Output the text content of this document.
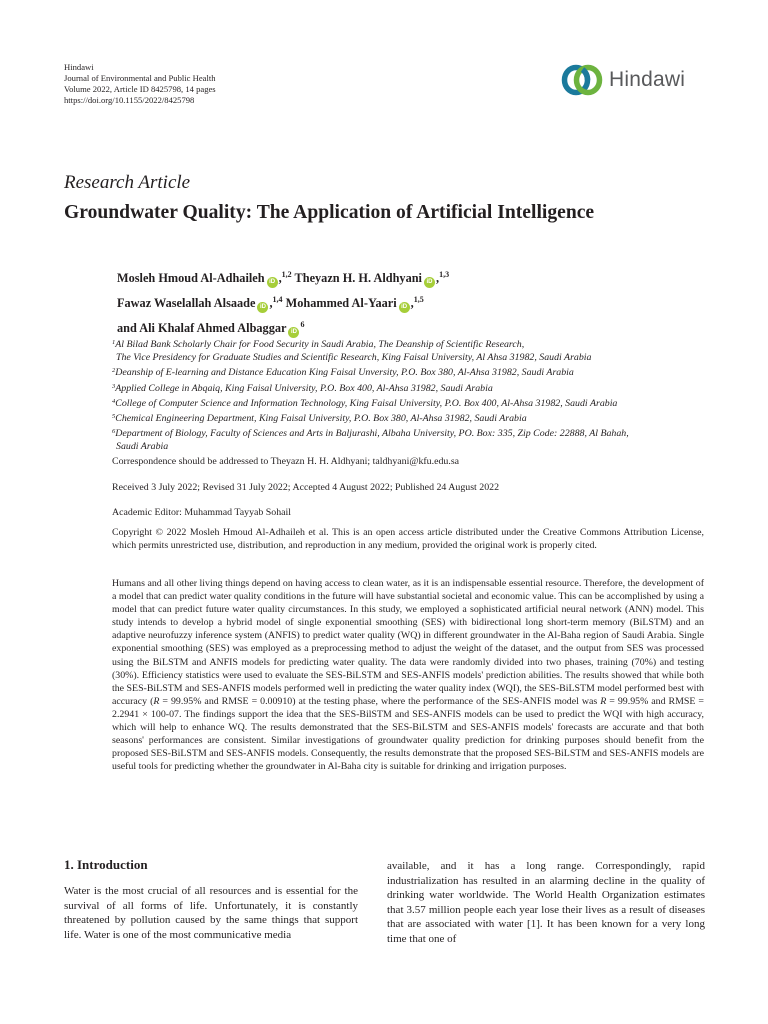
Hindawi
Journal of Environmental and Public Health
Volume 2022, Article ID 8425798, 14 pages
https://doi.org/10.1155/2022/8425798
Hindawi
Research Article
Groundwater Quality: The Application of Artificial Intelligence
Mosleh Hmoud Al-Adhaileh iD ,$^{1,2}$ Theyazn H. H. Aldhyani iD ,$^{1,3}$
Fawaz Waselallah Alsaade iD ,$^{1,4}$ Mohammed Al-Yaari iD ,$^{1,5}$
and Ali Khalaf Ahmed Albaggar $iD^6$
$^1$Al Bilad Bank Scholarly Chair for Food Security in Saudi Arabia, The Deanship of Scientific Research,
The Vice Presidency for Graduate Studies and Scientific Research, King Faisal University, Al Ahsa 31982, Saudi Arabia
$^2$Deanship of E-learning and Distance Education King Faisal Unversity, P.O. Box 380, Al-Ahsa 31982, Saudi Arabia
$^3$Applied College in Abqaiq, King Faisal University, P.O. Box 400, Al-Ahsa 31982, Saudi Arabia
$^4$College of Computer Science and Information Technology, King Faisal University, P.O. Box 400, Al-Ahsa 31982, Saudi Arabia
$^5$Chemical Engineering Department, King Faisal University, P.O. Box 380, Al-Ahsa 31982, Saudi Arabia
$^6$Department of Biology, Faculty of Sciences and Arts in Baljurashi, Albaha University, PO. Box: 335, Zip Code: 22888, Al Bahah,
Saudi Arabia
Correspondence should be addressed to Theyazn H. H. Aldhyani; taldhyani@kfu.edu.sa
Received 3 July 2022; Revised 31 July 2022; Accepted 4 August 2022; Published 24 August 2022
Academic Editor: Muhammad Tayyab Sohail
Copyright © 2022 Mosleh Hmoud Al-Adhaileh et al. This is an open access article distributed under the Creative Commons Attribution License, which permits unrestricted use, distribution, and reproduction in any medium, provided the original work is properly cited.
Humans and all other living things depend on having access to clean water, as it is an indispensable essential resource. Therefore, the development of a model that can predict water quality conditions in the future will have substantial societal and economic value. This can be accomplished by using a model that can predict future water quality circumstances. In this study, we employed a sophisticated artificial neural network (ANN) model. This study intends to develop a hybrid model of single exponential smoothing (SES) with bidirectional long short-term memory (BiLSTM) and an adaptive neurofuzzy inference system (ANFIS) to predict water quality (WQ) in different groundwater in the Al-Baha region of Saudi Arabia. Single exponential smoothing (SES) was employed as a preprocessing method to adjust the weight of the dataset, and the output from SES was processed using the BiLSTM and ANFIS models for predicting water quality. The data were randomly divided into two phases, training (70%) and testing (30%). Efficiency statistics were used to evaluate the SES-BiLSTM and SES-ANFIS models' prediction abilities. The results showed that while both the SES-BiLSTM and SES-ANFIS models performed well in predicting the water quality index (WQI), the SES-BiLSTM model performed best with accuracy (R = 99.95% and RMSE = 0.00910) at the testing phase, where the performance of the SES-ANFIS model was R = 99.95% and RMSE = 2.2941 × 100-07. The findings support the idea that the SES-BilSTM and SES-ANFIS models can be used to predict the WQI with high accuracy, which will help to enhance WQ. The results demonstrated that the SES-BiLSTM and SES-ANFIS models' forecasts are accurate and that both seasons' performances are consistent. Similar investigations of groundwater quality prediction for drinking purposes should benefit from the proposed SES-BiLSTM and SES-ANFIS models. Consequently, the results demonstrate that the proposed SES-BiLSTM and SES-ANFIS models are useful tools for predicting whether the groundwater in Al-Baha city is suitable for drinking and irrigation purposes.
1. Introduction
Water is the most crucial of all resources and is essential for the survival of all forms of life. Unfortunately, it is constantly threatened by pollution caused by the same things that support life. Water is one of the most communicative media
available, and it has a long range. Correspondingly, rapid industrialization has resulted in an alarming decline in the quality of drinking water worldwide. The World Health Organization estimates that 3.57 million people each year lose their lives as a result of diseases that are associated with water [1]. It has been known for a very long time that one of
